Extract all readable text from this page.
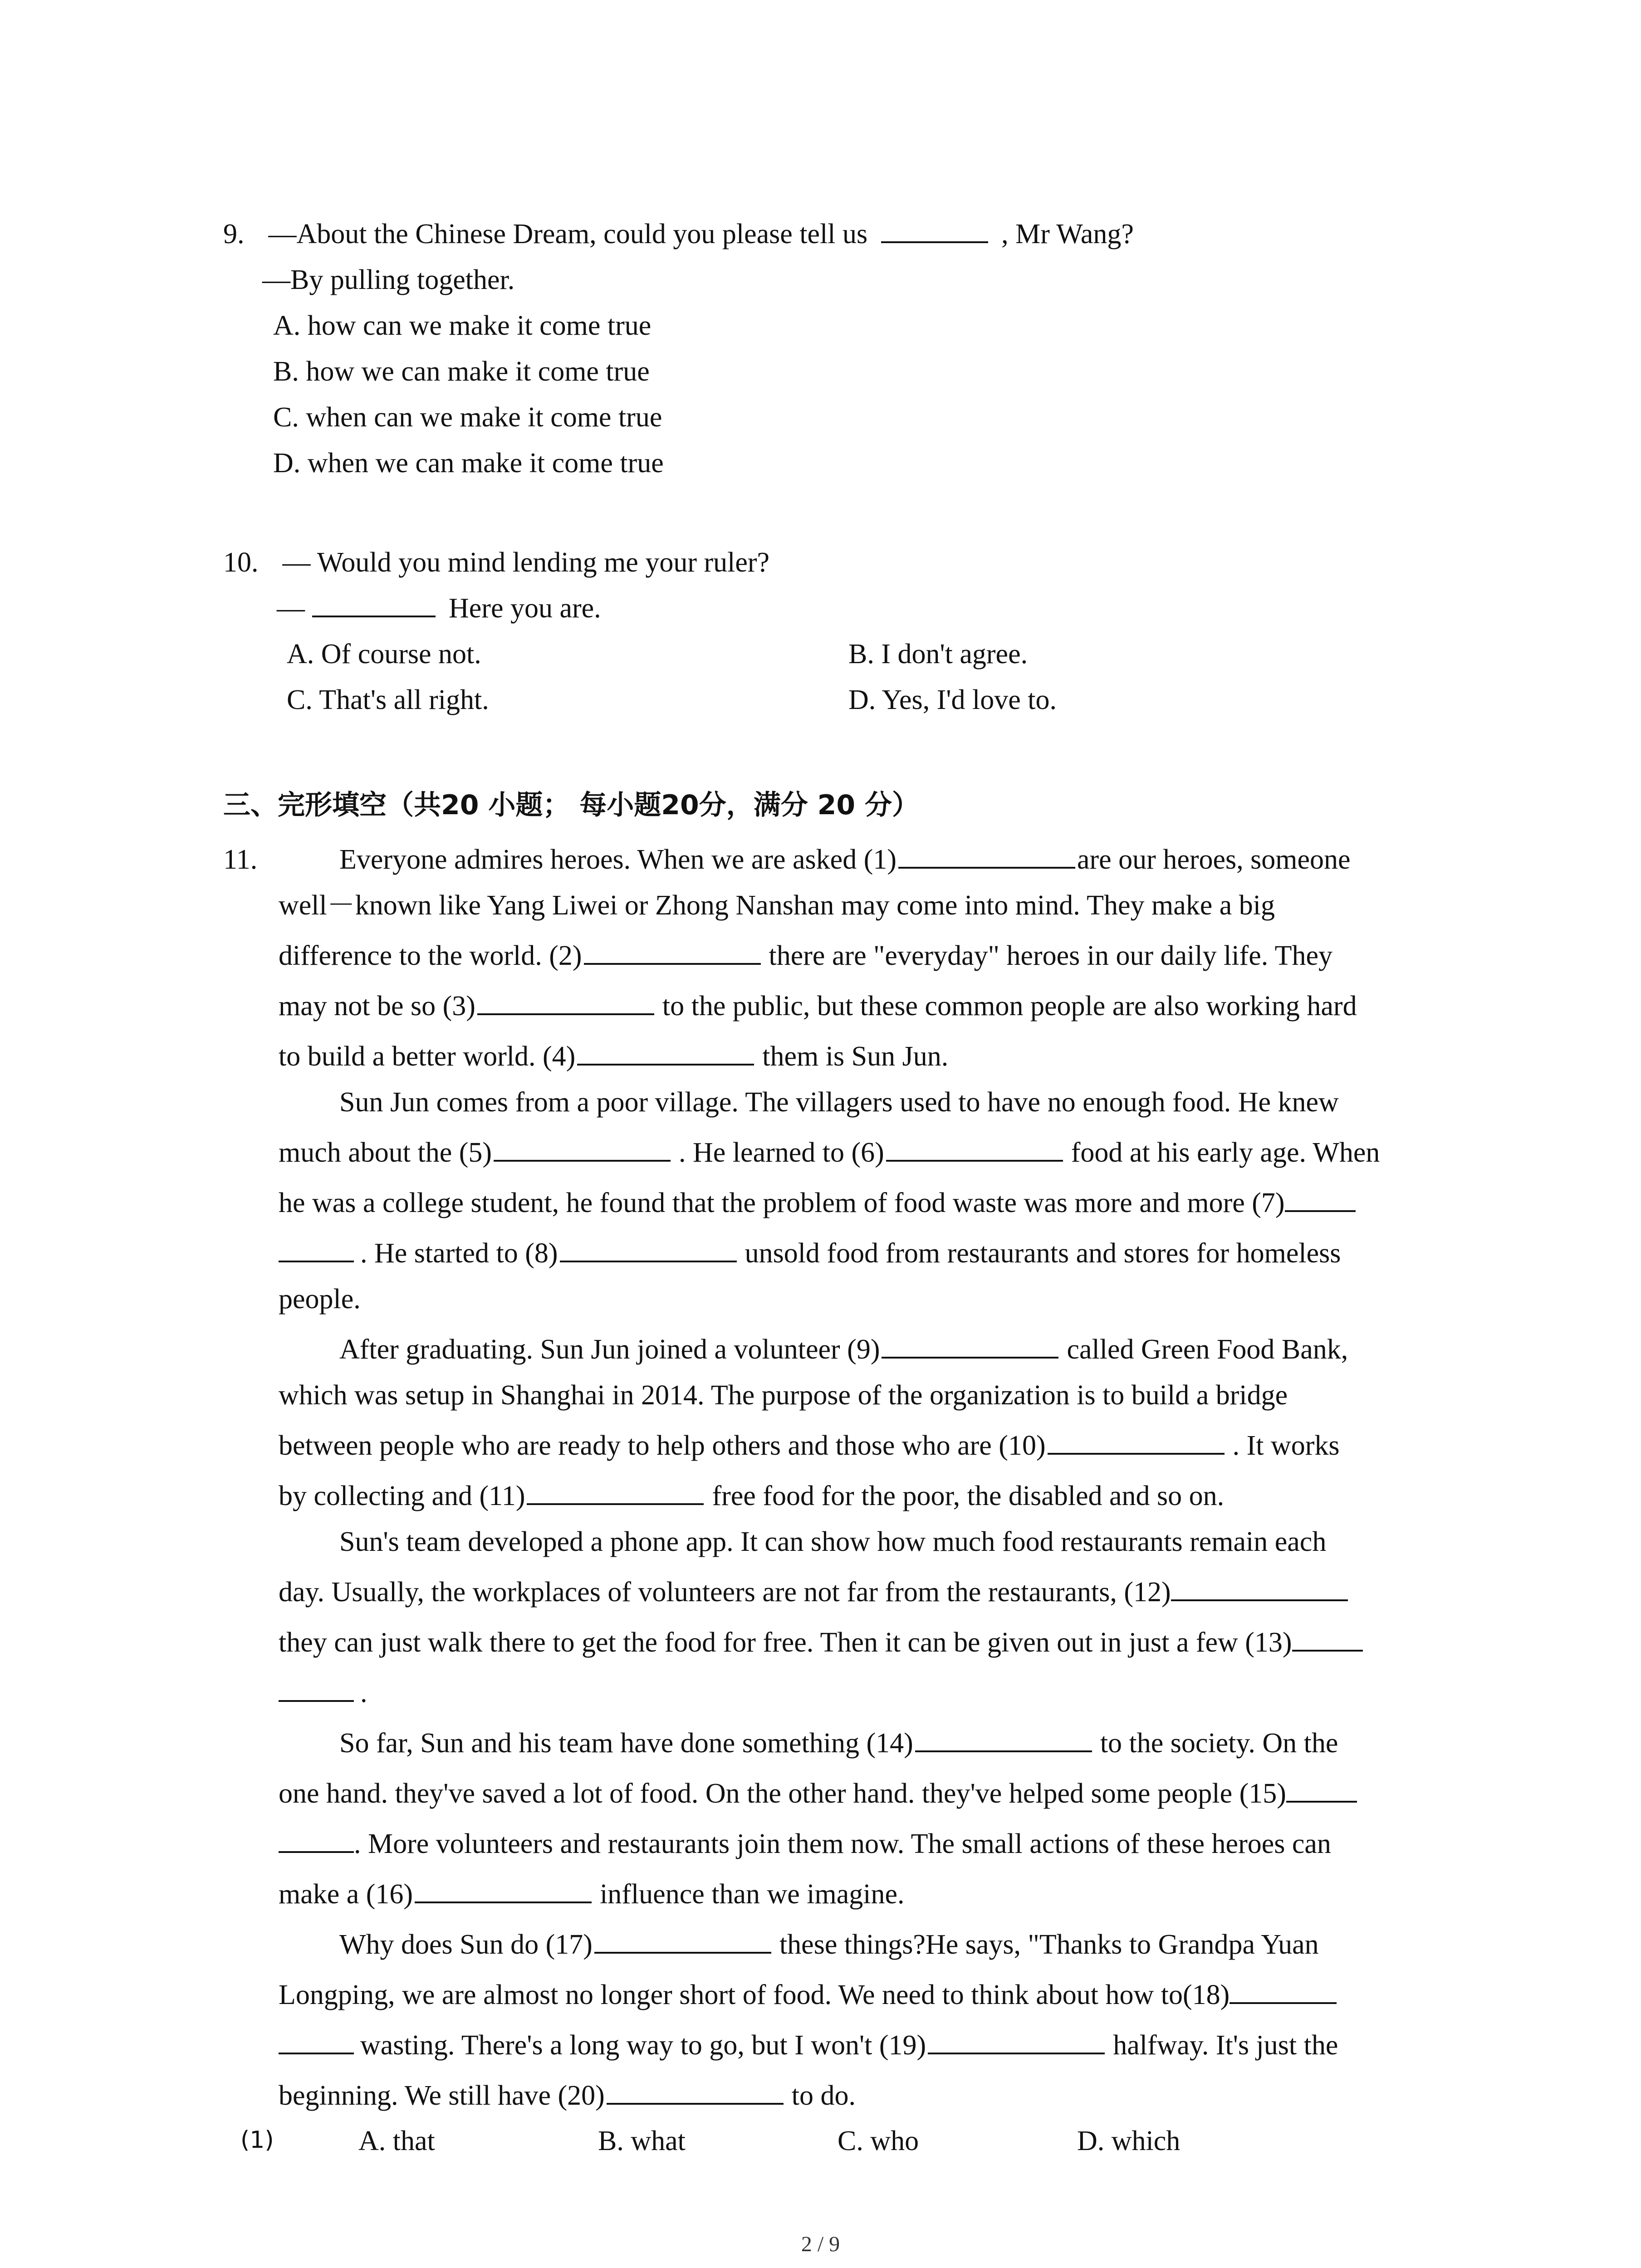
9. —About the Chinese Dream, could you please tell us	, Mr Wang?
—By pulling together.
A. how can we make it come true
B. how we can make it come true
C. when can we make it come true
D. when we can make it come true
10. — Would you mind lending me your ruler?
—	Here you are.
A. Of course not.	B. I don't agree.
C. That's all right.	D. Yes, I'd love to.
三、完形填空（共20 小题； 每小题20分，满分 20 分）
11.	Everyone admires heroes. When we are asked (1)	are our heroes, someone
well－known like Yang Liwei or Zhong Nanshan may come into mind. They make a big
difference to the world. (2)	there are "everyday" heroes in our daily life. They
may not be so (3)	to the public, but these common people are also working hard
to build a better world. (4)	them is Sun Jun.
Sun Jun comes from a poor village. The villagers used to have no enough food. He knew
much about the (5)	. He learned to (6)	food at his early age. When
he was a college student, he found that the problem of food waste was more and more (7)
. He started to (8)	unsold food from restaurants and stores for homeless
people.
After graduating. Sun Jun joined a volunteer (9)	called Green Food Bank,
which was setup in Shanghai in 2014. The purpose of the organization is to build a bridge
between people who are ready to help others and those who are (10)	. It works
by collecting and (11)	free food for the poor, the disabled and so on.
Sun's team developed a phone app. It can show how much food restaurants remain each
day. Usually, the workplaces of volunteers are not far from the restaurants, (12)
they can just walk there to get the food for free. Then it can be given out in just a few (13)
.
So far, Sun and his team have done something (14)	to the society. On the
one hand. they've saved a lot of food. On the other hand. they've helped some people (15)
. More volunteers and restaurants join them now. The small actions of these heroes can
make a (16)	influence than we imagine.
Why does Sun do (17)	these things?He says, "Thanks to Grandpa Yuan
Longping, we are almost no longer short of food. We need to think about how to(18)
wasting. There's a long way to go, but I won't (19)	halfway. It's just the
beginning. We still have (20)	to do.
(1)	A. that	B. what	C. who	D. which
2 / 9
